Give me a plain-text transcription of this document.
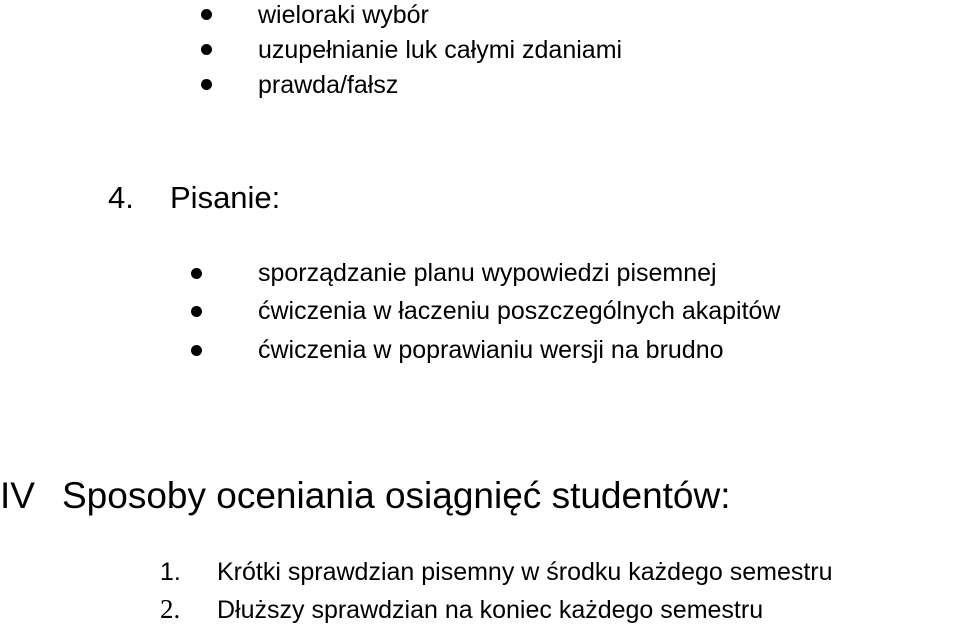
wieloraki wybór
uzupełnianie luk całymi zdaniami
prawda/fałsz
4. Pisanie:
sporządzanie planu wypowiedzi pisemnej
ćwiczenia w łaczeniu poszczególnych akapitów
ćwiczenia w poprawianiu wersji na brudno
IV Sposoby oceniania osiągnięć studentów:
1. Krótki sprawdzian pisemny w środku każdego semestru
2. Dłuższy sprawdzian na koniec każdego semestru
